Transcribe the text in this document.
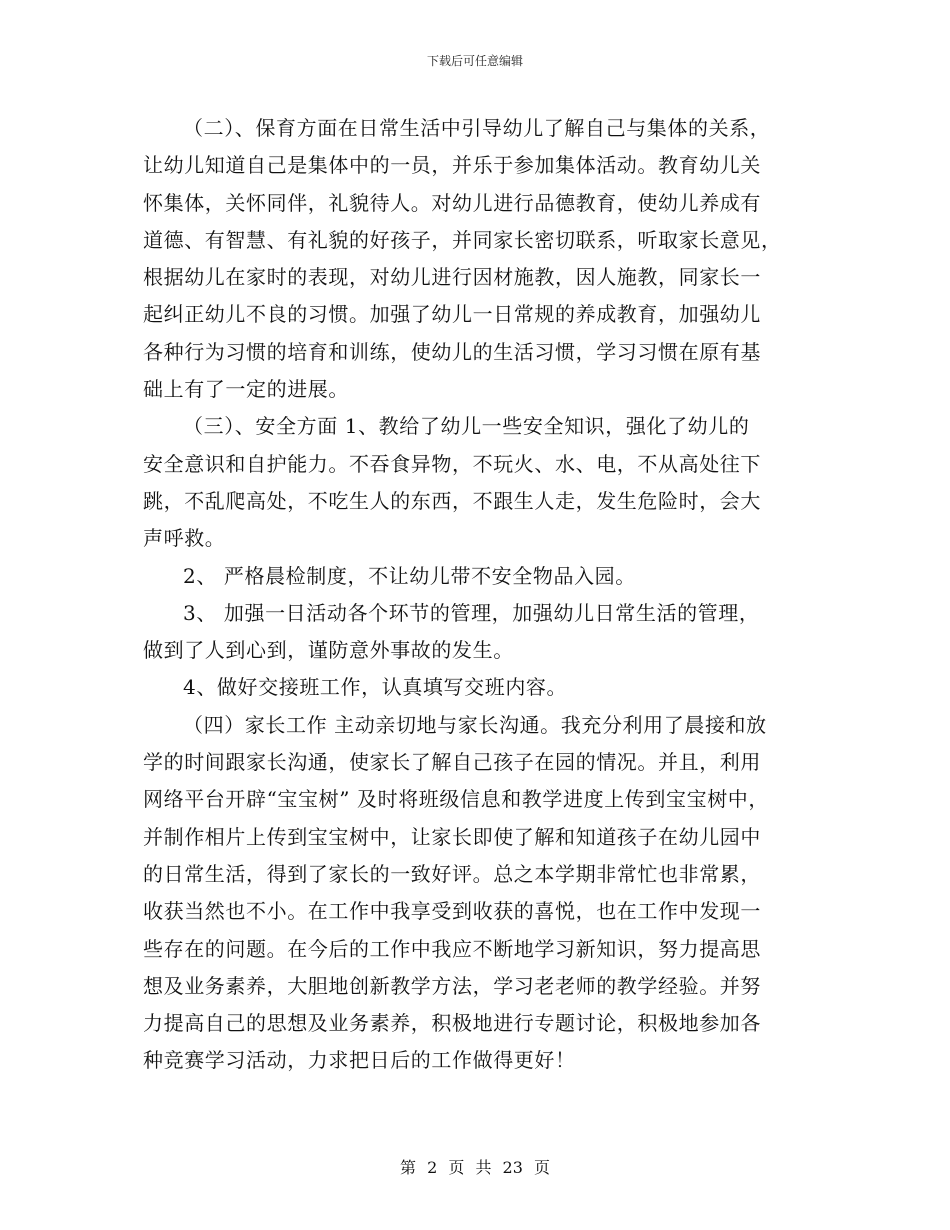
下载后可任意编辑
（二）、保育方面在日常生活中引导幼儿了解自己与集体的关系，
让幼儿知道自己是集体中的一员，并乐于参加集体活动。教育幼儿关
怀集体，关怀同伴，礼貌待人。对幼儿进行品德教育，使幼儿养成有
道德、有智慧、有礼貌的好孩子，并同家长密切联系，听取家长意见，
根据幼儿在家时的表现，对幼儿进行因材施教，因人施教，同家长一
起纠正幼儿不良的习惯。加强了幼儿一日常规的养成教育，加强幼儿
各种行为习惯的培育和训练，使幼儿的生活习惯，学习习惯在原有基
础上有了一定的进展。
（三）、安全方面 1、教给了幼儿一些安全知识，强化了幼儿的
安全意识和自护能力。不吞食异物，不玩火、水、电，不从高处往下
跳，不乱爬高处，不吃生人的东西，不跟生人走，发生危险时，会大
声呼救。
2、 严格晨检制度，不让幼儿带不安全物品入园。
3、 加强一日活动各个环节的管理，加强幼儿日常生活的管理，
做到了人到心到，谨防意外事故的发生。
4、做好交接班工作，认真填写交班内容。
（四）家长工作 主动亲切地与家长沟通。我充分利用了晨接和放
学的时间跟家长沟通，使家长了解自己孩子在园的情况。并且，利用
网络平台开辟“宝宝树” 及时将班级信息和教学进度上传到宝宝树中，
并制作相片上传到宝宝树中，让家长即使了解和知道孩子在幼儿园中
的日常生活，得到了家长的一致好评。总之本学期非常忙也非常累，
收获当然也不小。在工作中我享受到收获的喜悦，也在工作中发现一
些存在的问题。在今后的工作中我应不断地学习新知识，努力提高思
想及业务素养，大胆地创新教学方法，学习老老师的教学经验。并努
力提高自己的思想及业务素养，积极地进行专题讨论，积极地参加各
种竞赛学习活动，力求把日后的工作做得更好！
第 2 页 共 23 页
